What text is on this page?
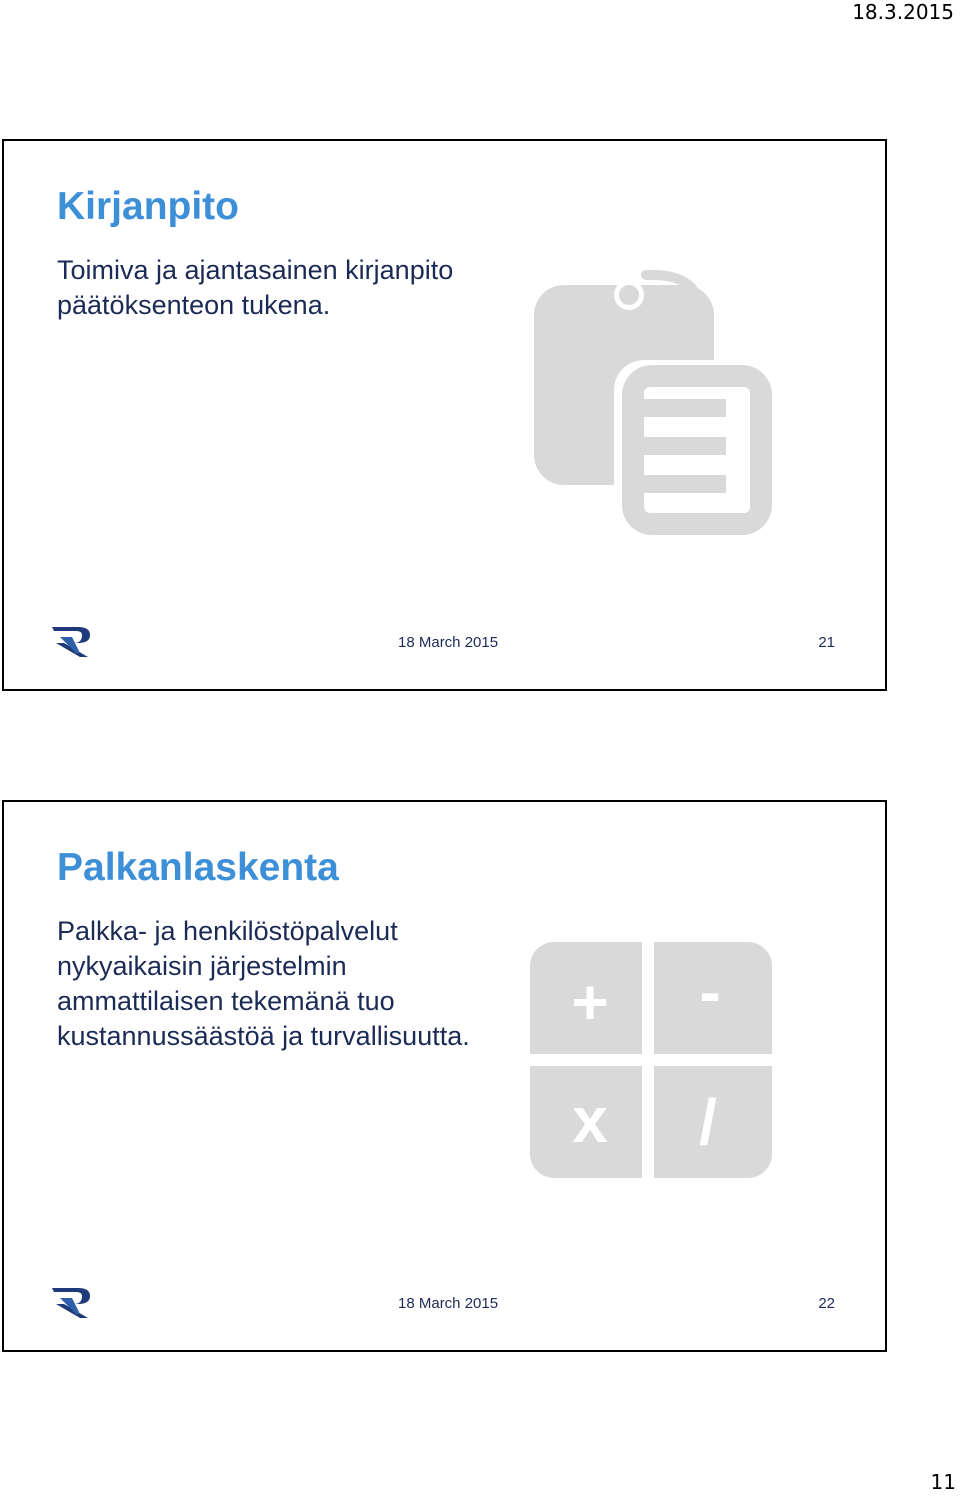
18.3.2015
Kirjanpito

Toimiva ja ajantasainen kirjanpito päätöksenteon tukena.

18 March 2015	21
Palkanlaskenta

Palkka- ja henkilöstöpalvelut nykyaikaisin järjestelmin ammattilaisen tekemänä tuo kustannussäästöä ja turvallisuutta. + -
x /
18 March 2015	22
11
